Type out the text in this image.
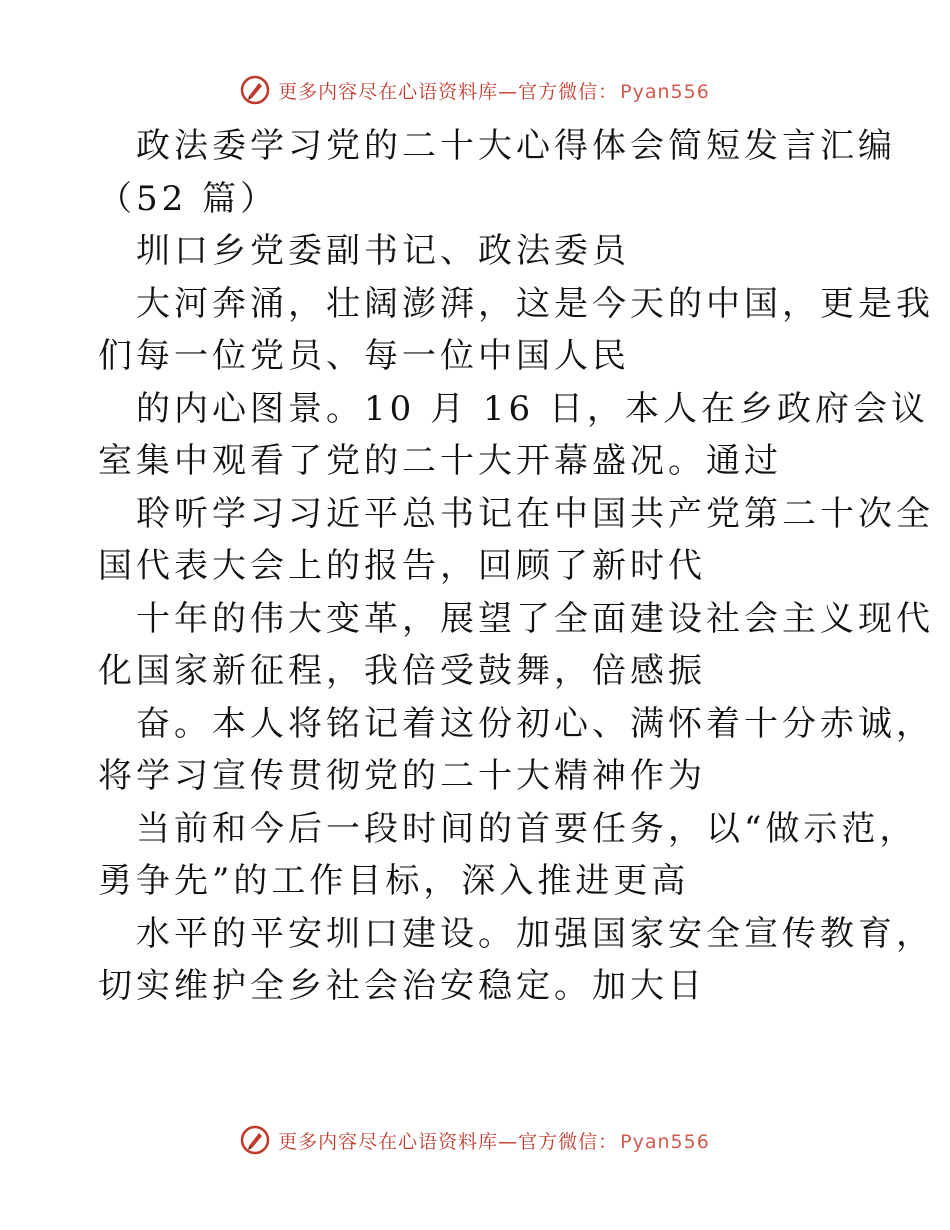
更多内容尽在心语资料库—官方微信： Pyan556
政法委学习党的二十大心得体会简短发言汇编
（52 篇）
圳口乡党委副书记、政法委员
大河奔涌，壮阔澎湃，这是今天的中国，更是我
们每一位党员、每一位中国人民
的内心图景。10 月 16 日，本人在乡政府会议
室集中观看了党的二十大开幕盛况。通过
聆听学习习近平总书记在中国共产党第二十次全
国代表大会上的报告，回顾了新时代
十年的伟大变革，展望了全面建设社会主义现代
化国家新征程，我倍受鼓舞，倍感振
奋。本人将铭记着这份初心、满怀着十分赤诚，
将学习宣传贯彻党的二十大精神作为
当前和今后一段时间的首要任务，以“做示范，
勇争先”的工作目标，深入推进更高
水平的平安圳口建设。加强国家安全宣传教育，
切实维护全乡社会治安稳定。加大日
更多内容尽在心语资料库—官方微信： Pyan556
